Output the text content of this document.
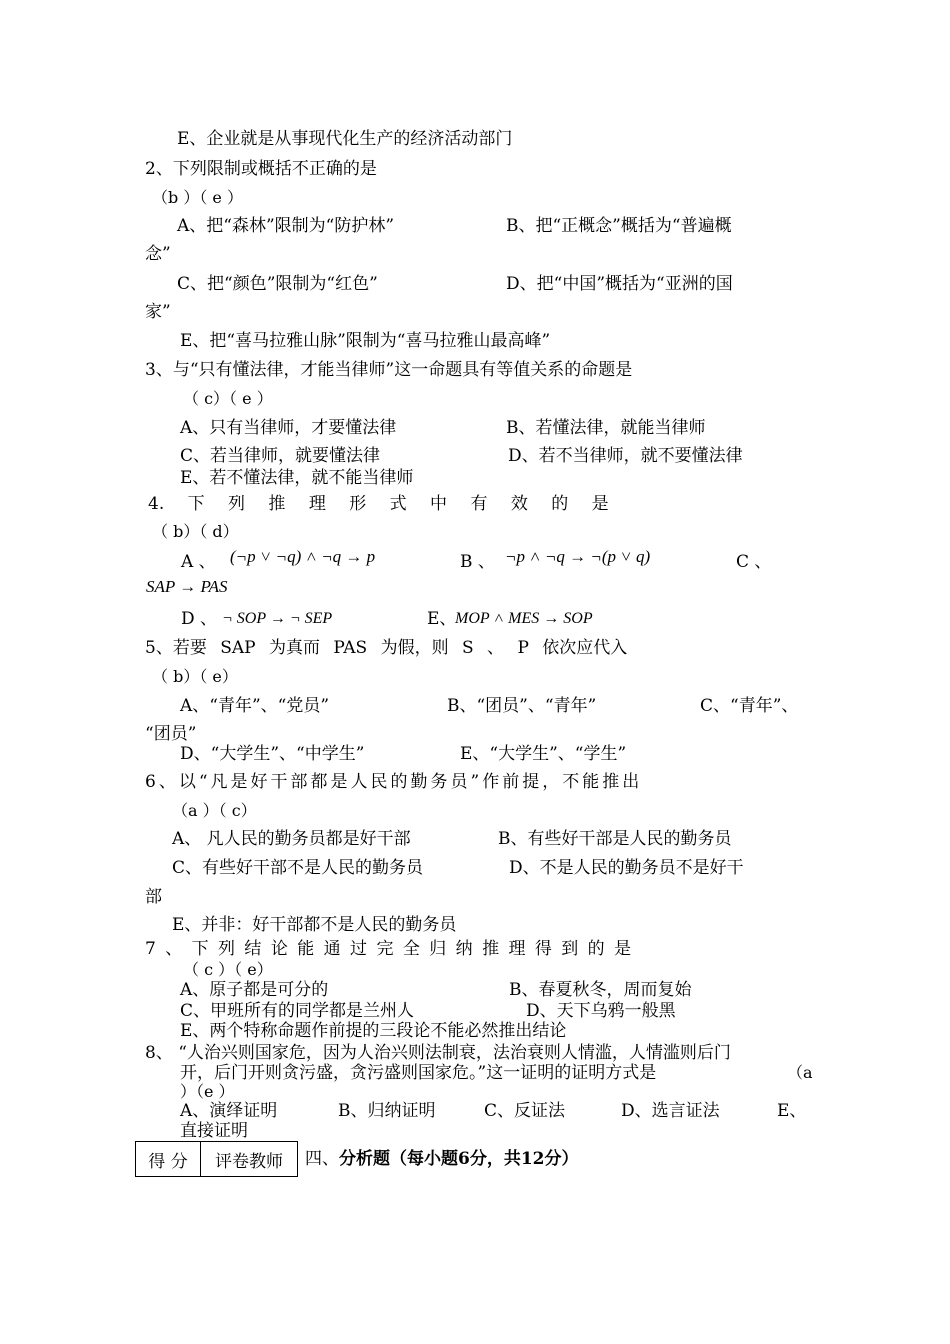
E、企业就是从事现代化生产的经济活动部门
2、下列限制或概括不正确的是
（b ）（ e ）
A、把“森林”限制为“防护林”	B、把“正概念”概括为“普遍概
念”
C、把“颜色”限制为“红色”	D、把“中国”概括为“亚洲的国
家”
E、把“喜马拉雅山脉”限制为“喜马拉雅山最高峰”
3、与“只有懂法律，才能当律师”这一命题具有等值关系的命题是
（ c）（ e ）
A、只有当律师，才要懂法律	B、若懂法律，就能当律师
C、若当律师，就要懂法律	D、若不当律师，就不要懂法律
E、若不懂法律，就不能当律师
4. 下 列 推 理 形 式 中 有 效 的 是
（ b）（ d）
A 、 (¬p ˅ ¬q) ˄ ¬q → p	B 、 ¬p ˄ ¬q → ¬(p ˅ q)	C 、
SAP → PAS
D 、 ¬ SOP → ¬ SEP	E、
MOP ˄ MES → SOP
5、若要 SAP 为真而 PAS 为假，则 S 、 P 依次应代入
（ b）（ e）
A、“青年”、“党员”	B、“团员”、“青年”	C、“青年”、
“团员”
D、“大学生”、“中学生”	E、“大学生”、“学生”
6、以“凡是好干部都是人民的勤务员”作前提，不能推出
（a ）（ c）
A、 凡人民的勤务员都是好干部	B、有些好干部是人民的勤务员
C、有些好干部不是人民的勤务员	D、不是人民的勤务员不是好干
部
E、并非：好干部都不是人民的勤务员
7 、 下 列 结 论 能 通 过 完 全 归 纳 推 理 得 到 的 是
（ c ）（ e）
A、原子都是可分的	B、春夏秋冬，周而复始
C、甲班所有的同学都是兰州人	D、天下乌鸦一般黑
E、两个特称命题作前提的三段论不能必然推出结论
8、 “人治兴则国家危，因为人治兴则法制衰，法治衰则人情滥，人情滥则后门
开，后门开则贪污盛，贪污盛则国家危。”这一证明的证明方式是	（a
）（e ）
A、演绎证明	B、归纳证明	C、反证法	D、选言证法	E、
直接证明
得 分	评卷教师 四、分析题（每小题6分，共12分）
